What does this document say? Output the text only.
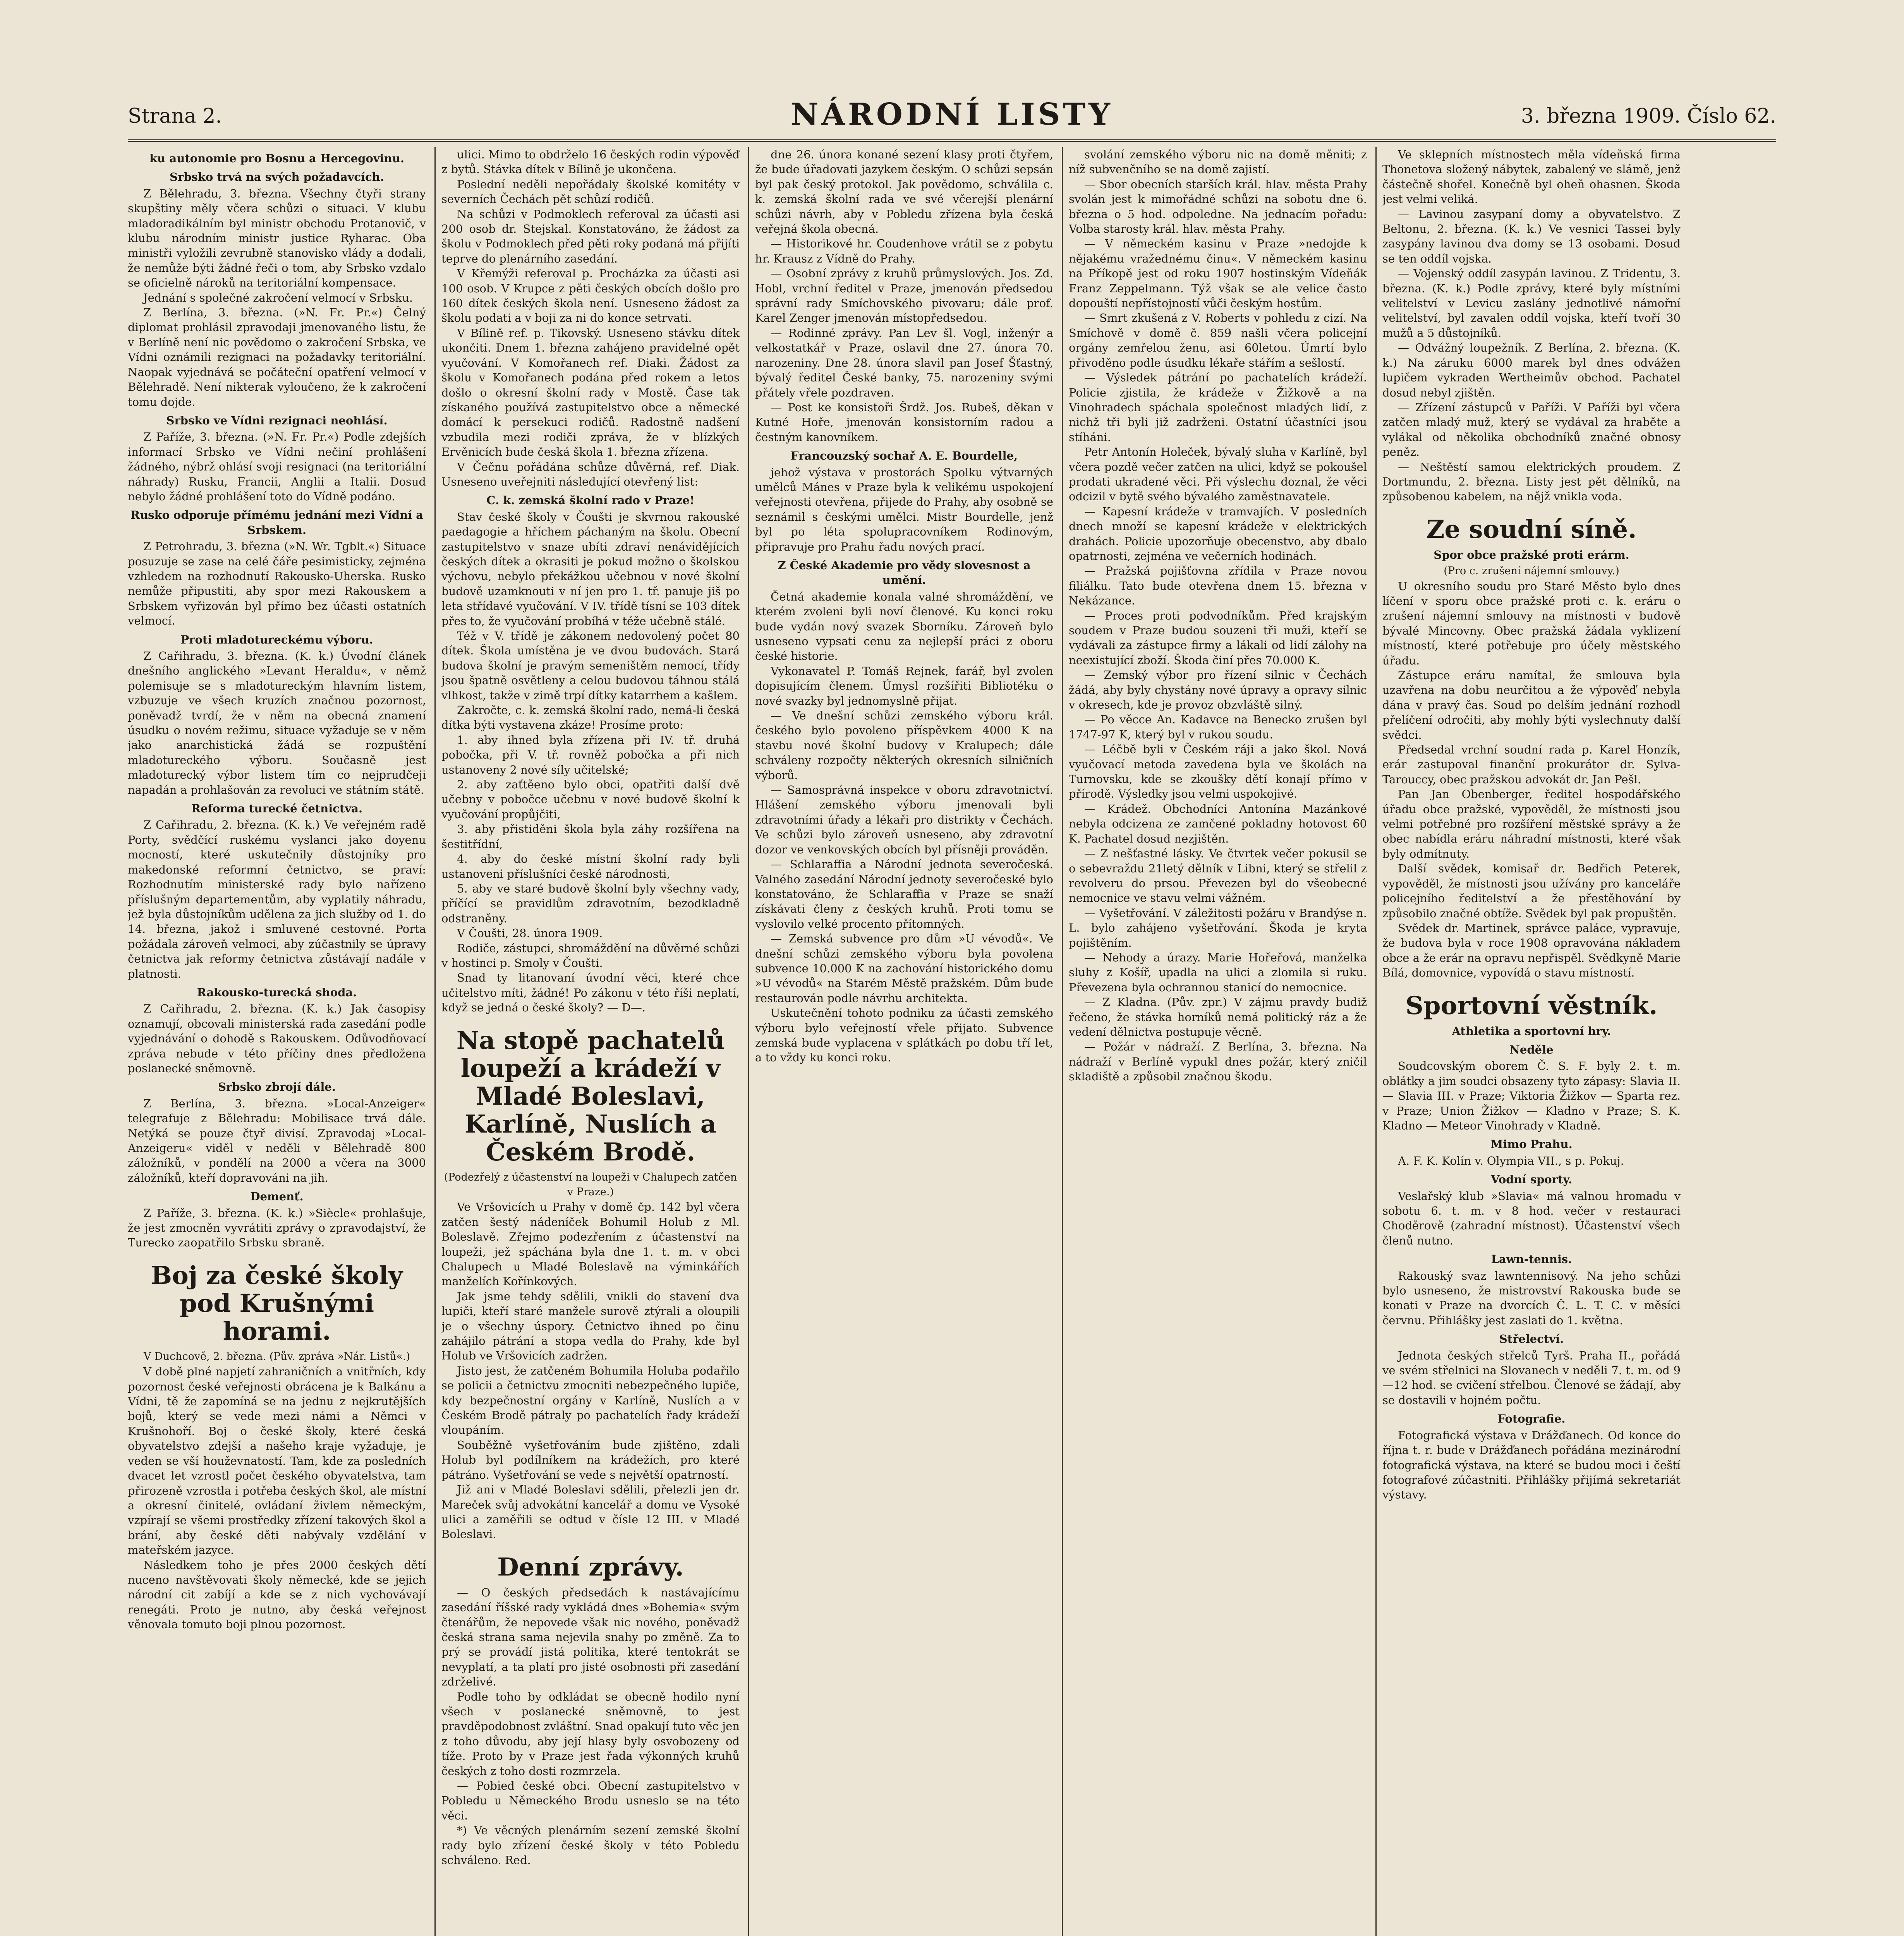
Strana 2.	NÁRODNÍ LISTY	3. března 1909. Číslo 62.
ku autonomie pro Bosnu a Hercegovinu.
Srbsko trvá na svých požadavcích.

Z Bělehradu, 3. března. Všechny čtyři strany skupštiny měly včera schůzi o situaci. V klubu mladoradikálním byl ministr obchodu Protanovič, v klubu národním ministr justice Ryharac. Oba ministři vyložili zevrubně stanovisko vlády a dodali, že nemůže býti žádné řeči o tom, aby Srbsko vzdalo se oficielně nároků na teritoriální kompensace.

Jednání s společné zakročení velmocí v Srbsku.

Z Berlína, 3. března. (»N. Fr. Pr.«) Čelný diplomat prohlásil zpravodaji jmenovaného listu, že v Berlíně není nic povědomo o zakročení Srbska, ve Vídni oznámili rezignaci na požadavky teritoriální. Naopak vyjednává se počáteční opatření velmocí v Bělehradě. Není nikterak vyloučeno, že k zakročení tomu dojde.

Srbsko ve Vídni rezignaci neohlásí.

Z Paříže, 3. března. (»N. Fr. Pr.«) Podle zdejších informací Srbsko ve Vídni nečiní prohlášení žádného, nýbrž ohlásí svoji resignaci (na teritoriální náhrady) Rusku, Francii, Anglii a Italii. Dosud nebylo žádné prohlášení toto do Vídně podáno.

Rusko odporuje přímému jednání mezi Vídní a Srbskem.

Z Petrohradu, 3. března (»N. Wr. Tgblt.«) Situace posuzuje se zase na celé čáře pesimisticky, zejména vzhledem na rozhodnutí Rakousko-Uherska. Rusko nemůže připustiti, aby spor mezi Rakouskem a Srbskem vyřizován byl přímo bez účasti ostatních velmocí.

Proti mladotureckému výboru.

Z Cařihradu, 3. března. (K. k.) Úvodní článek dnešního anglického »Levant Heraldu«, v němž polemisuje se s mladotureckým hlavním listem, vzbuzuje ve všech kruzích značnou pozornost, poněvadž tvrdí, že v něm na obecná znamení úsudku o novém režimu, situace vyžaduje se v něm jako anarchistická žádá se rozpuštění mladotureckého výboru. Současně jest mladoturecký výbor listem tím co nejprudčeji napadán a prohlašován za revoluci ve státním státě.

Reforma turecké četnictva.

Z Cařihradu, 2. března. (K. k.) Ve veřejném radě Porty, svědčící ruskému vyslanci jako doyenu mocností, které uskutečnily důstojníky pro makedonské reformní četnictvo, se praví: Rozhodnutím ministerské rady bylo nařízeno příslušným departementům, aby vyplatily náhradu, jež byla důstojníkům udělena za jich služby od 1. do 14. března, jakož i smluvené cestovné. Porta požádala zároveň velmoci, aby zúčastnily se úpravy četnictva jak reformy četnictva zůstávají nadále v platnosti.

Rakousko-turecká shoda.

Z Cařihradu, 2. března. (K. k.) Jak časopisy oznamují, obcovali ministerská rada zasedání podle vyjednávání o dohodě s Rakouskem. Odůvodňovací zpráva nebude v této příčiny dnes předložena poslanecké sněmovně.

Srbsko zbrojí dále.

Z Berlína, 3. března. »Local-Anzeiger« telegrafuje z Bělehradu: Mobilisace trvá dále. Netýká se pouze čtyř divisí. Zpravodaj »Local-Anzeigeru« viděl v neděli v Bělehradě 800 záložníků, v pondělí na 2000 a včera na 3000 záložníků, kteří dopravováni na jih.

Demenť.

Z Paříže, 3. března. (K. k.) »Siècle« prohlašuje, že jest zmocněn vyvrátiti zprávy o zpravodajství, že Turecko zaopatřilo Srbsku sbraně.

Boj za české školy pod Krušnými horami.
V Duchcově, 2. března. (Pův. zpráva »Nár. Listů«.)

V době plné napjetí zahraničních a vnitřních, kdy pozornost české veřejnosti obrácena je k Balkánu a Vídni, tě že zapomíná se na jednu z nejkrutějších bojů, který se vede mezi námi a Němci v Krušnohoří. Boj o české školy, které česká obyvatelstvo zdejší a našeho kraje vyžaduje, je veden se vší houževnatostí. Tam, kde za posledních dvacet let vzrostl počet českého obyvatelstva, tam přirozeně vzrostla i potřeba českých škol, ale místní a okresní činitelé, ovládaní živlem německým, vzpírají se všemi prostředky zřízení takových škol a brání, aby české děti nabývaly vzdělání v mateřském jazyce.

Následkem toho je přes 2000 českých dětí nuceno navštěvovati školy německé, kde se jejich národní cit zabíjí a kde se z nich vychovávají renegáti. Proto je nutno, aby česká veřejnost věnovala tomuto boji plnou pozornost.

ulici. Mimo to obdrželo 16 českých rodin výpověď z bytů. Stávka dítek v Bílině je ukončena.

Poslední neděli nepořádaly školské komitéty v severních Čechách pět schůzí rodičů.

Na schůzi v Podmoklech referoval za účasti asi 200 osob dr. Stejskal. Konstatováno, že žádost za školu v Podmoklech před pěti roky podaná má přijíti teprve do plenárního zasedání.

V Křemýži referoval p. Procházka za účasti asi 100 osob. V Krupce z pěti českých obcích došlo pro 160 dítek českých škola není. Usneseno žádost za školu podati a v boji za ni do konce setrvati.

V Bílině ref. p. Tikovský. Usneseno stávku dítek ukončiti. Dnem 1. března zahájeno pravidelné opět vyučování. V Komořanech ref. Diaki. Žádost za školu v Komořanech podána před rokem a letos došlo o okresní školní rady v Mostě. Čase tak získaného používá zastupitelstvo obce a německé domácí k persekuci rodičů. Radostně nadšení vzbudila mezi rodiči zpráva, že v blízkých Ervěnicích bude česká škola 1. března zřízena.

V Čečnu pořádána schůze důvěrná, ref. Diak. Usneseno uveřejniti následující otevřený list:

C. k. zemská školní rado v Praze!

Stav české školy v Čoušti je skvrnou rakouské paedagogie a hříchem páchaným na školu. Obecní zastupitelstvo v snaze ubíti zdraví nenávidějících českých dítek a okrasiti je pokud možno o školskou výchovu, nebylo překážkou učebnou v nové školní budově uzamknouti v ní jen pro 1. tř. panuje jiš po leta střídavé vyučování. V IV. třídě tísní se 103 dítek přes to, že vyučování probíhá v téže učebně stálé.

Též v V. třídě je zákonem nedovolený počet 80 dítek. Škola umístěna je ve dvou budovách. Stará budova školní je pravým semeništěm nemocí, třídy jsou špatně osvětleny a celou budovou táhnou stálá vlhkost, takže v zimě trpí dítky katarrhem a kašlem.

Zakročte, c. k. zemská školní rado, nemá-li česká dítka býti vystavena zkáze! Prosíme proto:

1. aby ihned byla zřízena při IV. tř. druhá pobočka, při V. tř. rovněž pobočka a při nich ustanoveny 2 nové síly učitelské;

2. aby zaťtěeno bylo obci, opatřiti další dvě učebny v pobočce učebnu v nové budově školní k vyučování propůjčiti,

3. aby přistiděni škola byla záhy rozšířena na šestitřídní,

4. aby do české místní školní rady byli ustanoveni příslušníci české národnosti,

5. aby ve staré budově školní byly všechny vady, příčící se pravidlům zdravotním, bezodkladně odstraněny.

V Čoušti, 28. února 1909.

Rodiče, zástupci, shromáždění na důvěrné schůzi v hostinci p. Smoly v Čoušti.

Snad ty litanovaní úvodní věci, které chce učitelstvo míti, žádné! Po zákonu v této říši neplatí, když se jedná o české školy? — D—.

Na stopě pachatelů loupeží a krádeží v Mladé Boleslavi, Karlíně, Nuslích a Českém Brodě.
(Podezřelý z účastenství na loupeži v Chalupech zatčen v Praze.)

Ve Vršovicích u Prahy v domě čp. 142 byl včera zatčen šestý nádeníček Bohumil Holub z Ml. Boleslavě. Zřejmo podezřením z účastenství na loupeži, jež spáchána byla dne 1. t. m. v obci Chalupech u Mladé Boleslavě na výminkářích manželích Kořínkových.

Jak jsme tehdy sdělili, vnikli do stavení dva lupiči, kteří staré manžele surově ztýrali a oloupili je o všechny úspory. Četnictvo ihned po činu zahájilo pátrání a stopa vedla do Prahy, kde byl Holub ve Vršovicích zadržen.

Jisto jest, že zatčeném Bohumila Holuba podařilo se policii a četnictvu zmocniti nebezpečného lupiče, kdy bezpečnostní orgány v Karlíně, Nuslích a v Českém Brodě pátraly po pachatelích řady krádeží vloupáním.

Souběžně vyšetřováním bude zjištěno, zdali Holub byl podílníkem na krádežích, pro které pátráno. Vyšetřování se vede s největší opatrností.

Již ani v Mladé Boleslavi sdělili, přelezli jen dr. Mareček svůj advokátní kancelář a domu ve Vysoké ulici a zaměřili se odtud v čísle 12 III. v Mladé Boleslavi.

Denní zprávy.

— O českých předsedách k nastávajícímu zasedání říšské rady vykládá dnes »Bohemia« svým čtenářům, že nepovede však nic nového, poněvadž česká strana sama nejevila snahy po změně. Za to prý se provádí jistá politika, které tentokrát se nevyplatí, a ta platí pro jisté osobnosti při zasedání zdrželivé.

Podle toho by odkládat se obecně hodilo nyní všech v poslanecké sněmovně, to jest pravděpodobnost zvláštní. Snad opakují tuto věc jen z toho důvodu, aby její hlasy byly osvobozeny od tíže. Proto by v Praze jest řada výkonných kruhů českých z toho dosti rozmrzela.

— Pobied české obci. Obecní zastupitelstvo v Pobledu u Německého Brodu usneslo se na této věci.

*) Ve věcných plenárním sezení zemské školní rady bylo zřízení české školy v této Pobledu schváleno. Red.

dne 26. února konané sezení klasy proti čtyřem, že bude úřadovati jazykem českým. O schůzi sepsán byl pak český protokol. Jak povědomo, schválila c. k. zemská školní rada ve své včerejší plenární schůzi návrh, aby v Pobledu zřízena byla česká veřejná škola obecná.

— Historikové hr. Coudenhove vrátil se z pobytu hr. Krausz z Vídně do Prahy.

— Osobní zprávy z kruhů průmyslových. Jos. Zd. Hobl, vrchní ředitel v Praze, jmenován předsedou správní rady Smíchovského pivovaru; dále prof. Karel Zenger jmenován místopředsedou.

— Rodinné zprávy. Pan Lev šl. Vogl, inženýr a velkostatkář v Praze, oslavil dne 27. února 70. narozeniny. Dne 28. února slavil pan Josef Šťastný, bývalý ředitel České banky, 75. narozeniny svými přátely vřele pozdraven.

— Post ke konsistoři Šrdž. Jos. Rubeš, děkan v Kutné Hoře, jmenován konsistorním radou a čestným kanovníkem.

Francouzský sochař A. E. Bourdelle,

jehož výstava v prostorách Spolku výtvarných umělců Mánes v Praze byla k velikému uspokojení veřejnosti otevřena, přijede do Prahy, aby osobně se seznámil s českými umělci. Mistr Bourdelle, jenž byl po léta spolupracovníkem Rodinovým, připravuje pro Prahu řadu nových prací.

Z České Akademie pro vědy slovesnost a umění.

Četná akademie konala valné shromáždění, ve kterém zvoleni byli noví členové. Ku konci roku bude vydán nový svazek Sborníku. Zároveň bylo usneseno vypsati cenu za nejlepší práci z oboru české historie.

Vykonavatel P. Tomáš Rejnek, farář, byl zvolen dopisujícím členem. Úmysl rozšířiti Bibliotéku o nové svazky byl jednomyslně přijat.

— Ve dnešní schůzi zemského výboru král. českého bylo povoleno příspěvkem 4000 K na stavbu nové školní budovy v Kralupech; dále schváleny rozpočty některých okresních silničních výborů.

— Samosprávná inspekce v oboru zdravotnictví. Hlášení zemského výboru jmenovali byli zdravotními úřady a lékaři pro distrikty v Čechách. Ve schůzi bylo zároveň usneseno, aby zdravotní dozor ve venkovských obcích byl přísněji prováděn.

— Schlaraffia a Národní jednota severočeská. Valného zasedání Národní jednoty severočeské bylo konstatováno, že Schlaraffia v Praze se snaží získávati členy z českých kruhů. Proti tomu se vyslovilo velké procento přítomných.

— Zemská subvence pro dům »U vévodů«. Ve dnešní schůzi zemského výboru byla povolena subvence 10.000 K na zachování historického domu »U vévodů« na Starém Městě pražském. Dům bude restaurován podle návrhu architekta.

Uskutečnění tohoto podniku za účasti zemského výboru bylo veřejností vřele přijato. Subvence zemská bude vyplacena v splátkách po dobu tří let, a to vždy ku konci roku.

svolání zemského výboru nic na domě měniti; z níž subvenčního se na domě zajistí.

— Sbor obecních starších král. hlav. města Prahy svolán jest k mimořádné schůzi na sobotu dne 6. března o 5 hod. odpoledne. Na jednacím pořadu: Volba starosty král. hlav. města Prahy.

— V německém kasinu v Praze »nedojde k nějakému vražednému činu«. V německém kasinu na Příkopě jest od roku 1907 hostinským Vídeňák Franz Zeppelmann. Týž však se ale velice často dopouští nepřístojností vůči českým hostům.

— Smrt zkušená z V. Roberts v pohledu z cizí. Na Smíchově v domě č. 859 našli včera policejní orgány zemřelou ženu, asi 60letou. Úmrtí bylo přivoděno podle úsudku lékaře stářím a sešlostí.

— Výsledek pátrání po pachatelích krádeží. Policie zjistila, že krádeže v Žižkově a na Vinohradech spáchala společnost mladých lidí, z nichž tři byli již zadrženi. Ostatní účastníci jsou stíháni.

Petr Antonín Holeček, bývalý sluha v Karlíně, byl včera pozdě večer zatčen na ulici, když se pokoušel prodati ukradené věci. Při výslechu doznal, že věci odcizil v bytě svého bývalého zaměstnavatele.

— Kapesní krádeže v tramvajích. V posledních dnech množí se kapesní krádeže v elektrických drahách. Policie upozorňuje obecenstvo, aby dbalo opatrnosti, zejména ve večerních hodinách.

— Pražská pojišťovna zřídila v Praze novou filiálku. Tato bude otevřena dnem 15. března v Nekázance.

— Proces proti podvodníkům. Před krajským soudem v Praze budou souzeni tři muži, kteří se vydávali za zástupce firmy a lákali od lidí zálohy na neexistující zboží. Škoda činí přes 70.000 K.

— Zemský výbor pro řízení silnic v Čechách žádá, aby byly chystány nové úpravy a opravy silnic v okresech, kde je provoz obzvláště silný.

— Po věcce An. Kadavce na Benecko zrušen byl 1747-97 K, který byl v rukou soudu.

— Léčbě byli v Českém ráji a jako škol. Nová vyučovací metoda zavedena byla ve školách na Turnovsku, kde se zkoušky dětí konají přímo v přírodě. Výsledky jsou velmi uspokojivé.

— Krádež. Obchodníci Antonína Mazánkové nebyla odcizena ze zamčené pokladny hotovost 60 K. Pachatel dosud nezjištěn.

— Z nešťastné lásky. Ve čtvrtek večer pokusil se o sebevraždu 21letý dělník v Libni, který se střelil z revolveru do prsou. Převezen byl do všeobecné nemocnice ve stavu velmi vážném.

— Vyšetřování. V záležitosti požáru v Brandýse n. L. bylo zahájeno vyšetřování. Škoda je kryta pojištěním.

— Nehody a úrazy. Marie Hořeřová, manželka sluhy z Košíř, upadla na ulici a zlomila si ruku. Převezena byla ochrannou stanicí do nemocnice.

— Z Kladna. (Pův. zpr.) V zájmu pravdy budiž řečeno, že stávka horníků nemá politický ráz a že vedení dělnictva postupuje věcně.

— Požár v nádraží. Z Berlína, 3. března. Na nádraží v Berlíně vypukl dnes požár, který zničil skladiště a způsobil značnou škodu.

Ve sklepních místnostech měla vídeňská firma Thonetova složený nábytek, zabalený ve slámě, jenž částečně shořel. Konečně byl oheň ohasnen. Škoda jest velmi veliká.

— Lavinou zasypaní domy a obyvatelstvo. Z Beltonu, 2. března. (K. k.) Ve vesnici Tassei byly zasypány lavinou dva domy se 13 osobami. Dosud se ten oddíl vojska.

— Vojenský oddíl zasypán lavinou. Z Tridentu, 3. března. (K. k.) Podle zprávy, které byly místními velitelství v Levicu zaslány jednotlivé námořní velitelství, byl zavalen oddíl vojska, kteří tvoří 30 mužů a 5 důstojníků.

— Odvážný loupežník. Z Berlína, 2. března. (K. k.) Na záruku 6000 marek byl dnes odvážen lupičem vykraden Wertheimův obchod. Pachatel dosud nebyl zjištěn.

— Zřízení zástupců v Paříži. V Paříži byl včera zatčen mladý muž, který se vydával za hraběte a vylákal od několika obchodníků značné obnosy peněz.

— Neštěstí samou elektrických proudem. Z Dortmundu, 2. března. Listy jest pět dělníků, na způsobenou kabelem, na nějž vnikla voda.

Ze soudní síně.
Spor obce pražské proti erárm.
(Pro c. zrušení nájemní smlouvy.)

U okresního soudu pro Staré Město bylo dnes líčení v sporu obce pražské proti c. k. eráru o zrušení nájemní smlouvy na místnosti v budově bývalé Mincovny. Obec pražská žádala vyklizení místností, které potřebuje pro účely městského úřadu.

Zástupce eráru namítal, že smlouva byla uzavřena na dobu neurčitou a že výpověď nebyla dána v pravý čas. Soud po delším jednání rozhodl přelíčení odročiti, aby mohly býti vyslechnuty další svědci.

Předsedal vrchní soudní rada p. Karel Honzík, erár zastupoval finanční prokurátor dr. Sylva-Tarouccy, obec pražskou advokát dr. Jan Pešl.

Pan Jan Obenberger, ředitel hospodářského úřadu obce pražské, vypověděl, že místnosti jsou velmi potřebné pro rozšíření městské správy a že obec nabídla eráru náhradní místnosti, které však byly odmítnuty.

Další svědek, komisař dr. Bedřich Peterek, vypověděl, že místnosti jsou užívány pro kanceláře policejního ředitelství a že přestěhování by způsobilo značné obtíže. Svědek byl pak propuštěn.

Svědek dr. Martinek, správce paláce, vypravuje, že budova byla v roce 1908 opravována nákladem obce a že erár na opravu nepřispěl. Svědkyně Marie Bílá, domovnice, vypovídá o stavu místností.

Sportovní věstník.
Athletika a sportovní hry.
Neděle

Soudcovským oborem Č. S. F. byly 2. t. m. oblátky a jim soudci obsazeny tyto zápasy: Slavia II. — Slavia III. v Praze; Viktoria Žižkov — Sparta rez. v Praze; Union Žižkov — Kladno v Praze; S. K. Kladno — Meteor Vinohrady v Kladně.

Mimo Prahu.

A. F. K. Kolín v. Olympia VII., s p. Pokuj.

Vodní sporty.

Veslařský klub »Slavia« má valnou hromadu v sobotu 6. t. m. v 8 hod. večer v restauraci Choděrově (zahradní místnost). Účastenství všech členů nutno.

Lawn-tennis.

Rakouský svaz lawntennisový. Na jeho schůzi bylo usneseno, že mistrovství Rakouska bude se konati v Praze na dvorcích Č. L. T. C. v měsíci červnu. Přihlášky jest zaslati do 1. května.

Střelectví.

Jednota českých střelců Tyrš. Praha II., pořádá ve svém střelnici na Slovanech v neděli 7. t. m. od 9—12 hod. se cvičení střelbou. Členové se žádají, aby se dostavili v hojném počtu.

Fotografie.

Fotografická výstava v Drážďanech. Od konce do října t. r. bude v Drážďanech pořádána mezinárodní fotografická výstava, na které se budou moci i čeští fotografové zúčastniti. Přihlášky přijímá sekretariát výstavy.
